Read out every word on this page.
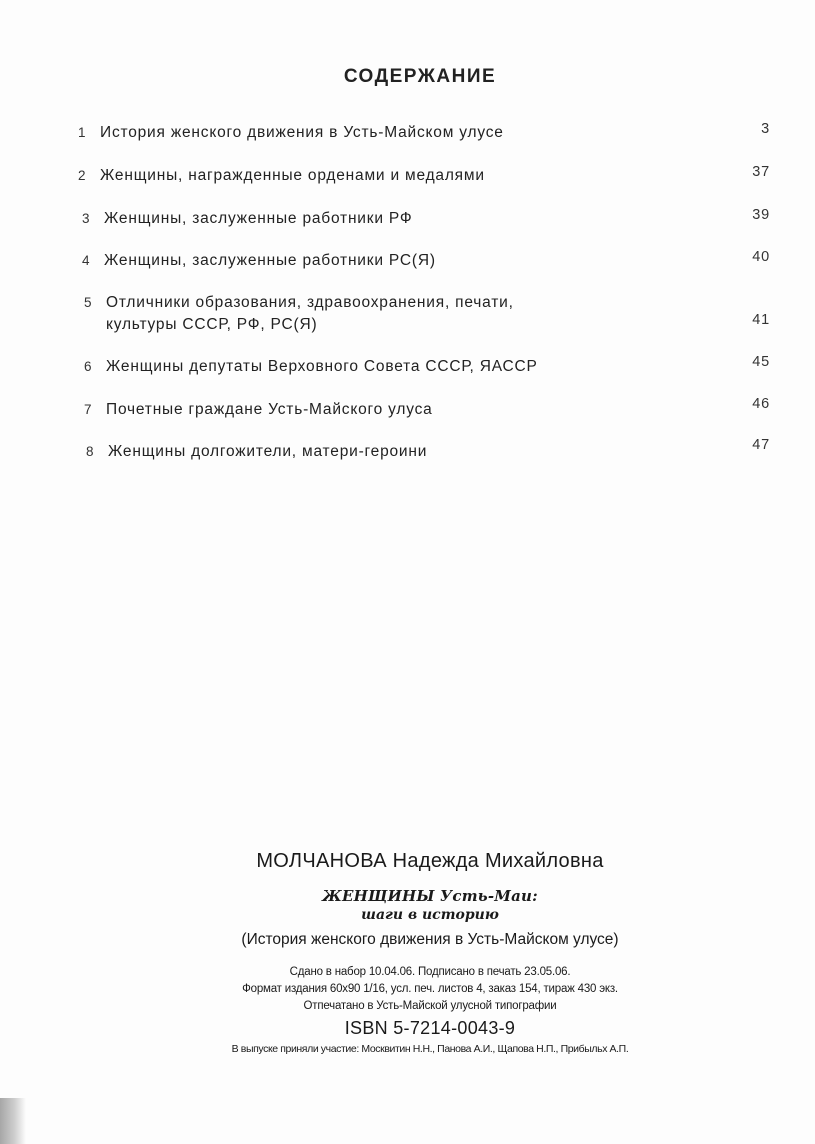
СОДЕРЖАНИЕ
1 История женского движения в Усть-Майском улусе	3
2 Женщины, награжденные орденами и медалями	37
3 Женщины, заслуженные работники РФ	39
4 Женщины, заслуженные работники РС(Я)	40
5 Отличники образования, здравоохранения, печати,
культуры СССР, РФ, РС(Я)	41
6 Женщины депутаты Верховного Совета СССР, ЯАССР	45
7 Почетные граждане Усть-Майского улуса	46
8 Женщины долгожители, матери-героини	47
МОЛЧАНОВА Надежда Михайловна
ЖЕНЩИНЫ Усть-Маи:
шаги в историю
(История женского движения в Усть-Майском улусе)
Сдано в набор 10.04.06. Подписано в печать 23.05.06.
Формат издания 60х90 1/16, усл. печ. листов 4, заказ 154, тираж 430 экз.
Отпечатано в Усть-Майской улусной типографии
ISBN 5-7214-0043-9
В выпуске приняли участие: Москвитин Н.Н., Панова А.И., Щапова Н.П., Прибыльх А.П.
